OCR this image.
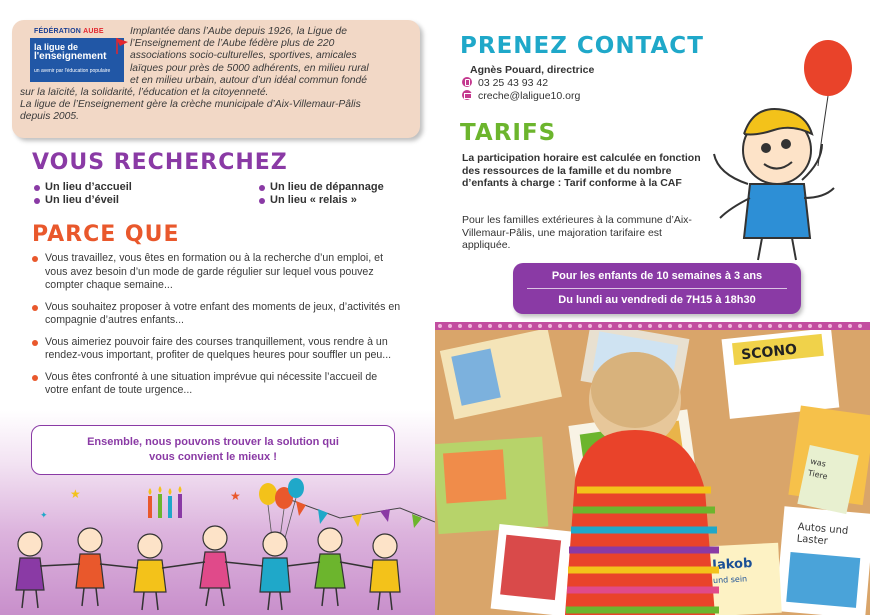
FÉDÉRATION AUBE
la ligue de
l'enseignement
un avenir par l'éducation populaire
Implantée dans l’Aube depuis 1926, la Ligue de
l’Enseignement de l’Aube fédère plus de 220
associations socio-culturelles, sportives, amicales
laïques pour près de 5000 adhérents, en milieu rural
et en milieu urbain, autour d’un idéal commun fondé
sur la laïcité, la solidarité, l’éducation et la citoyenneté.
La ligue de l’Enseignement gère la crèche municipale d’Aix-Villemaur-Pâlis
depuis 2005.
VOUS RECHERCHEZ
Un lieu d’accueil
Un lieu d’éveil
Un lieu de dépannage
Un lieu « relais »
PARCE QUE
Vous travaillez, vous êtes en formation ou à la recherche d’un emploi, et vous avez besoin d’un mode de garde régulier sur lequel vous pouvez compter chaque semaine...
Vous souhaitez proposer à votre enfant des moments de jeux, d’activités en compagnie d’autres enfants...
Vous aimeriez pouvoir faire des courses tranquillement, vous rendre à un rendez-vous important, profiter de quelques heures pour souffler un peu...
Vous êtes confronté à une situation imprévue qui nécessite l’accueil de votre enfant de toute urgence...
Ensemble, nous pouvons trouver la solution qui
vous convient le mieux !
★	★
✦
PRENEZ CONTACT
Agnès Pouard, directrice
03 25 43 93 42
creche@laligue10.org
TARIFS
La participation horaire est calculée en fonction des ressources de la famille et du nombre d’enfants à charge : Tarif conforme à la CAF
Pour les familles extérieures à la commune d’Aix-Villemaur-Pâlis, une majoration tarifaire est appliquée.
Pour les enfants de 10 semaines à 3 ans
Du lundi au vendredi de 7H15 à 18h30
SCONO
Autos und
Laster
Jakob
und sein
was
Tiere
